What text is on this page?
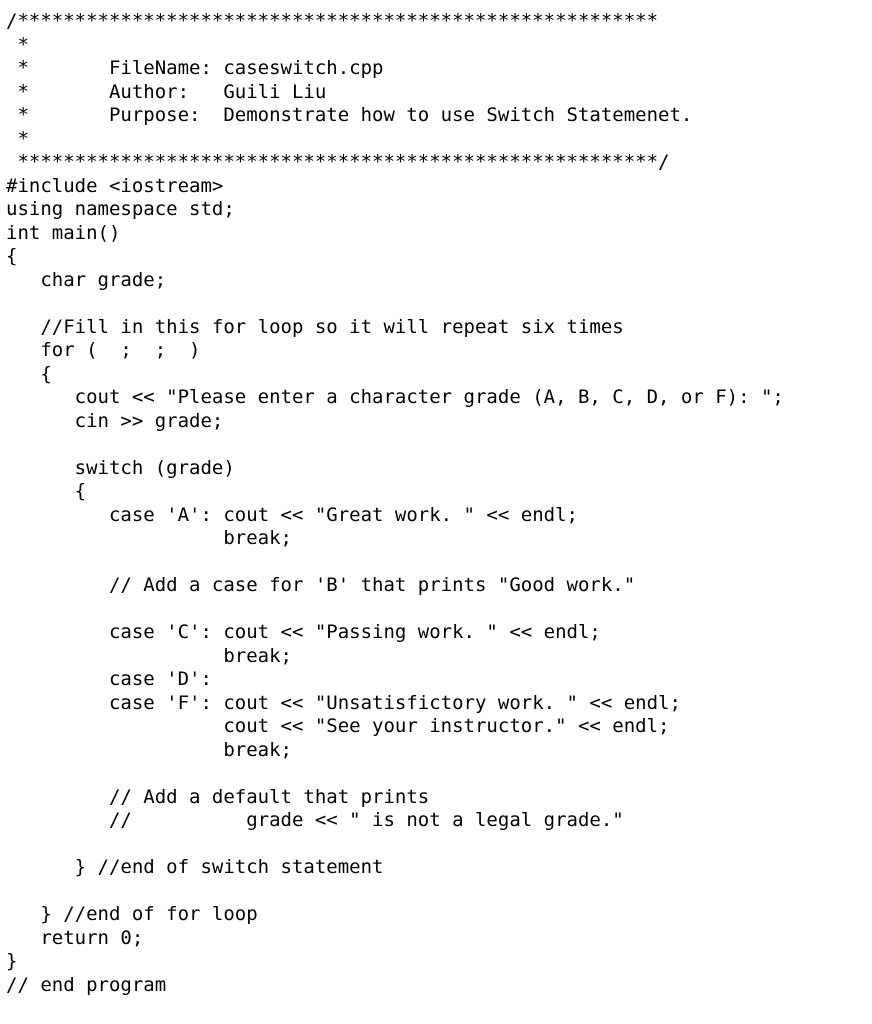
/********************************************************
*
*       FileName: caseswitch.cpp
*       Author:   Guili Liu
*       Purpose:  Demonstrate how to use Switch Statemenet.
*
********************************************************/
#include <iostream>
using namespace std;
int main()
{
char grade;
//Fill in this for loop so it will repeat six times
for (  ;  ;  )
{
cout << "Please enter a character grade (A, B, C, D, or F): ";
cin >> grade;
switch (grade)
{
case 'A': cout << "Great work. " << endl;
break;
// Add a case for 'B' that prints "Good work."
case 'C': cout << "Passing work. " << endl;
break;
case 'D':
case 'F': cout << "Unsatisfictory work. " << endl;
cout << "See your instructor." << endl;
break;
// Add a default that prints
//          grade << " is not a legal grade."
} //end of switch statement
} //end of for loop
return 0;
}
// end program
